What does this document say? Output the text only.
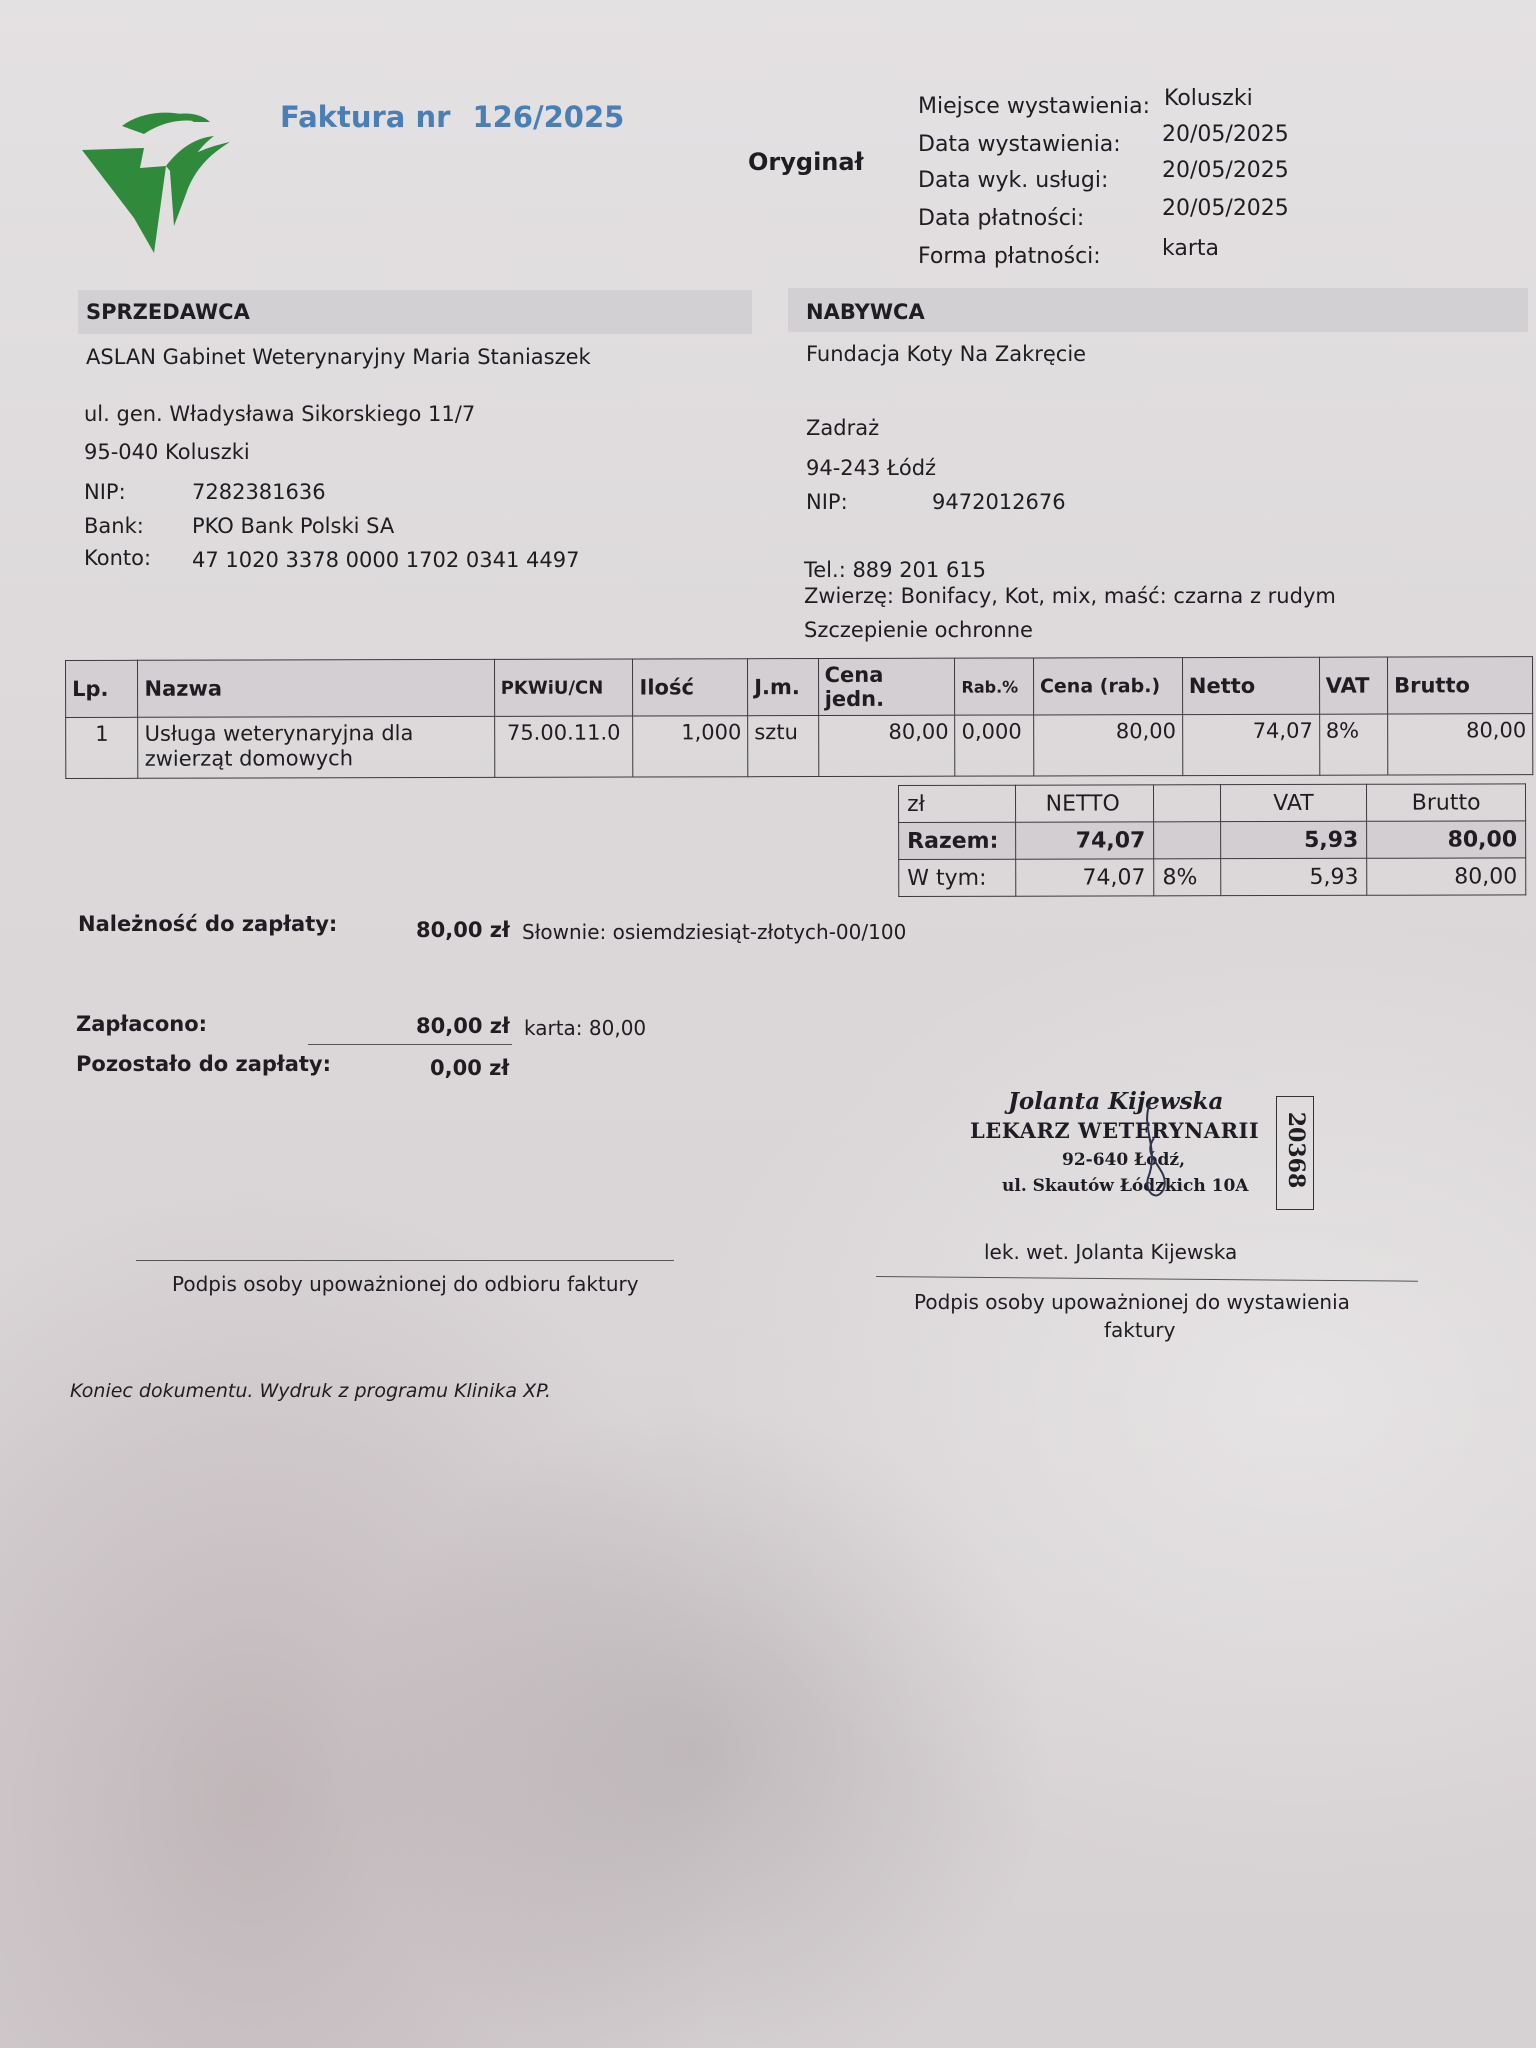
Faktura nr 126/2025
Oryginał
Miejsce wystawienia: Koluszki
Data wystawienia: 20/05/2025
Data wyk. usługi: 20/05/2025
Data płatności:	20/05/2025
Forma płatności:	karta
SPRZEDAWCA
ASLAN Gabinet Weterynaryjny Maria Staniaszek
ul. gen. Władysława Sikorskiego 11/7
95-040 Koluszki
NIP:	7282381636
Bank: PKO Bank Polski SA
Konto: 47 1020 3378 0000 1702 0341 4497
NABYWCA
Fundacja Koty Na Zakręcie
Zadraż
94-243 Łódź
NIP:	9472012676
Tel.: 889 201 615
Zwierzę: Bonifacy, Kot, mix, maść: czarna z rudym
Szczepienie ochronne
Lp.	Nazwa	PKWiU/CN	Ilość	J.m.	Cena jedn.	Rab.%	Cena (rab.)	Netto	VAT	Brutto
1	Usługa weterynaryjna dla zwierząt domowych	75.00.11.0	1,000	sztu	80,00	0,000	80,00	74,07	8%	80,00
zł	NETTO		VAT	Brutto
Razem:	74,07		5,93	80,00
W tym:	74,07	8%	5,93	80,00
Należność do zapłaty:	80,00 zł Słownie: osiemdziesiąt-złotych-00/100
Zapłacono:	80,00 zł karta: 80,00
Pozostało do zapłaty:	0,00 zł
Jolanta Kijewska
LEKARZ WETERYNARII
92-640 Łódź,
ul. Skautów Łódzkich 10A 20368
Podpis osoby upoważnionej do odbioru faktury
lek. wet. Jolanta Kijewska
Podpis osoby upoważnionej do wystawienia
faktury
Koniec dokumentu. Wydruk z programu Klinika XP.
